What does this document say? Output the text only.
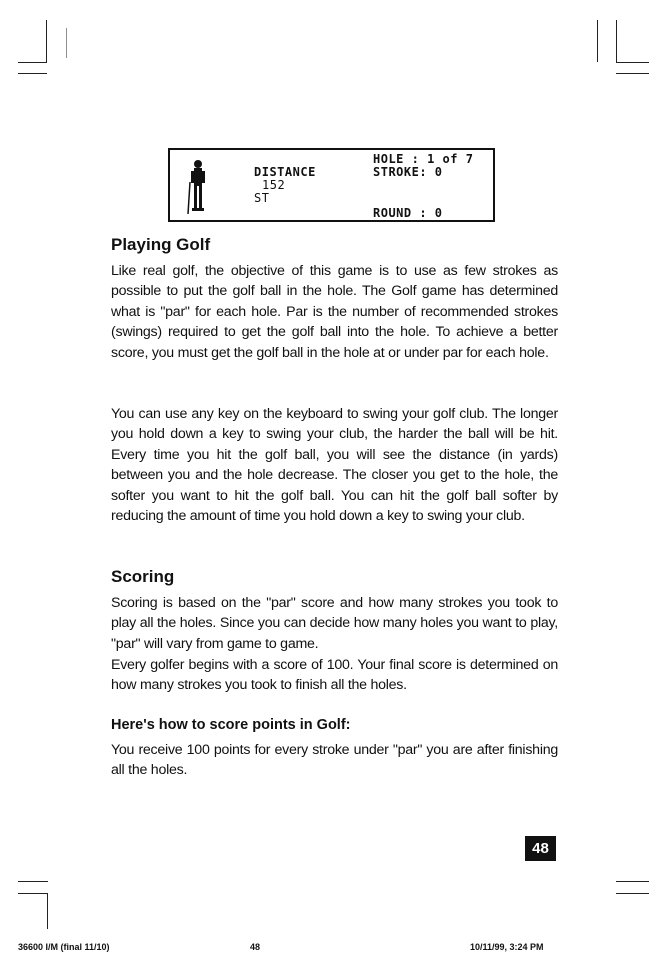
DISTANCE
152
ST
HOLE : 1 of 7
STROKE: 0
ROUND : 0
Playing Golf

Like real golf, the objective of this game is to use as few strokes as possible to put the golf ball in the hole. The Golf game has determined what is "par" for each hole. Par is the number of recommended strokes (swings) required to get the golf ball into the hole. To achieve a better score, you must get the golf ball in the hole at or under par for each hole.

You can use any key on the keyboard to swing your golf club. The longer you hold down a key to swing your club, the harder the ball will be hit. Every time you hit the golf ball, you will see the distance (in yards) between you and the hole decrease. The closer you get to the hole, the softer you want to hit the golf ball. You can hit the golf ball softer by reducing the amount of time you hold down a key to swing your club.

Scoring

Scoring is based on the "par" score and how many strokes you took to play all the holes. Since you can decide how many holes you want to play, "par" will vary from game to game.

Every golfer begins with a score of 100. Your final score is determined on how many strokes you took to finish all the holes.

Here's how to score points in Golf:

You receive 100 points for every stroke under "par" you are after finishing all the holes.

48
36600 I/M (final 11/10)	48	10/11/99, 3:24 PM
